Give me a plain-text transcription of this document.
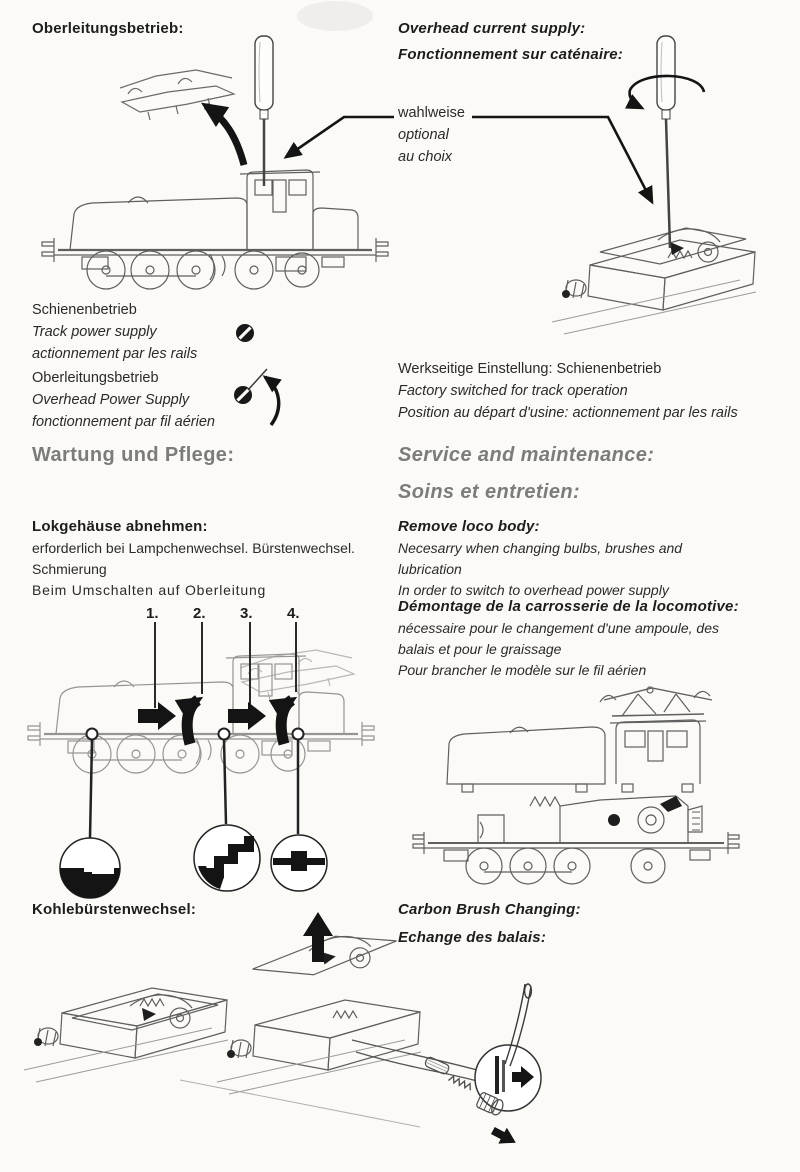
Oberleitungsbetrieb:	Overhead current supply:
Fonctionnement sur caténaire:
wahlweise
optional
au choix
Schienenbetrieb
Track power supply
actionnement par les rails
Oberleitungsbetrieb
Overhead Power Supply
fonctionnement par fil aérien
Werkseitige Einstellung: Schienenbetrieb
Factory switched for track operation
Position au départ d'usine: actionnement par les rails
Wartung und Pflege:	Service and maintenance:
Soins et entretien:
Lokgehäuse abnehmen:
erforderlich bei Lampchenwechsel. Bürstenwechsel.
Schmierung
Beim Umschalten auf Oberleitung
Remove loco body:
Necesarry when changing bulbs, brushes and
lubrication
In order to switch to overhead power supply
Démontage de la carrosserie de la locomotive:
nécessaire pour le changement d'une ampoule, des
balais et pour le graissage
Pour brancher le modèle sur le fil aérien
1. 2. 3. 4.
Kohlebürstenwechsel:	Carbon Brush Changing:
Echange des balais:
